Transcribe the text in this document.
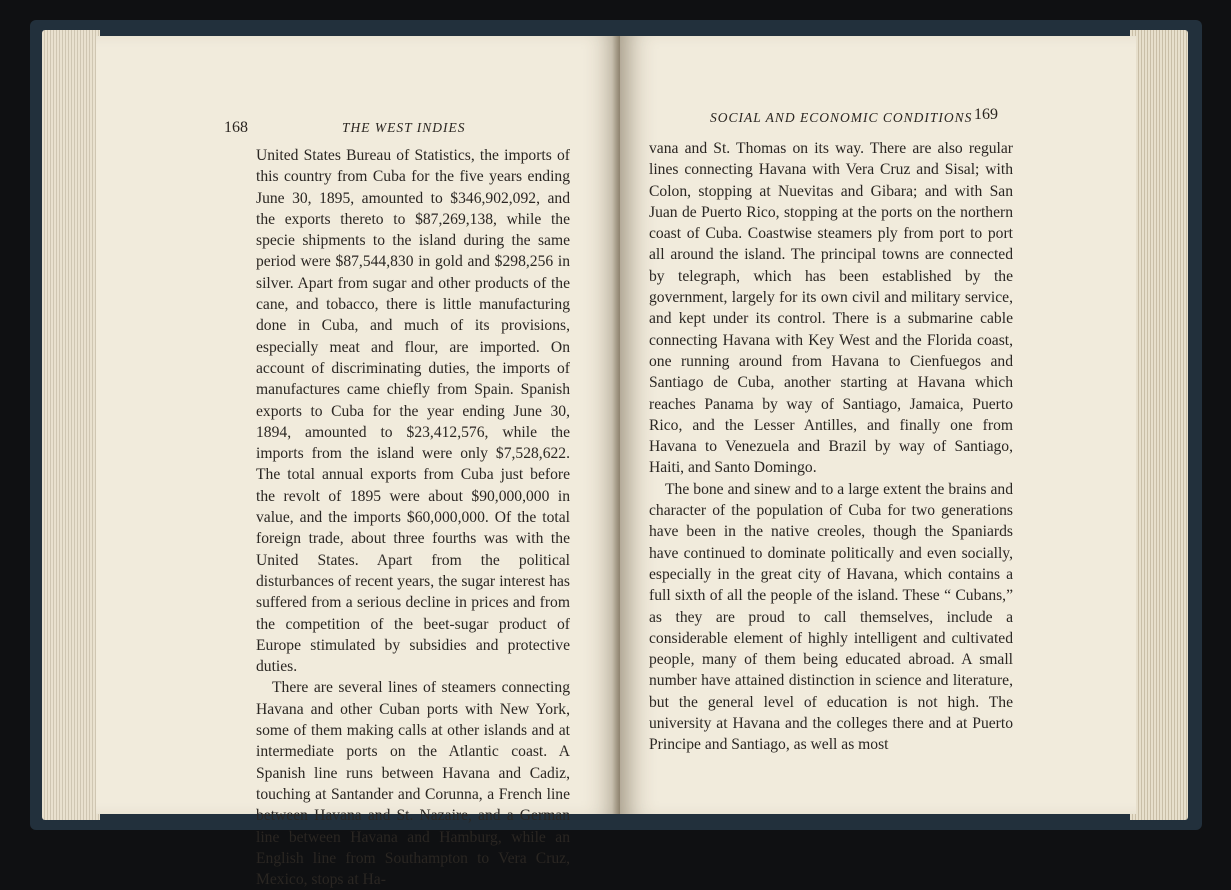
168	THE WEST INDIES

United States Bureau of Statistics, the imports of this country from Cuba for the five years ending June 30, 1895, amounted to $346,902,092, and the exports thereto to $87,269,138, while the specie shipments to the island during the same period were $87,544,830 in gold and $298,256 in silver. Apart from sugar and other products of the cane, and tobacco, there is little manufacturing done in Cuba, and much of its provisions, especially meat and flour, are imported. On account of discriminating duties, the imports of manufactures came chiefly from Spain. Spanish exports to Cuba for the year ending June 30, 1894, amounted to $23,412,576, while the imports from the island were only $7,528,622. The total annual exports from Cuba just before the revolt of 1895 were about $90,000,000 in value, and the imports $60,000,000. Of the total foreign trade, about three fourths was with the United States. Apart from the political disturbances of recent years, the sugar interest has suffered from a serious decline in prices and from the competition of the beet-sugar product of Europe stimulated by subsidies and protective duties.

There are several lines of steamers connecting Havana and other Cuban ports with New York, some of them making calls at other islands and at intermediate ports on the Atlantic coast. A Spanish line runs between Havana and Cadiz, touching at Santander and Corunna, a French line between Havana and St. Nazaire, and a German line between Havana and Hamburg, while an English line from Southampton to Vera Cruz, Mexico, stops at Ha-

SOCIAL AND ECONOMIC CONDITIONS 169

vana and St. Thomas on its way. There are also regular lines connecting Havana with Vera Cruz and Sisal; with Colon, stopping at Nuevitas and Gibara; and with San Juan de Puerto Rico, stopping at the ports on the northern coast of Cuba. Coastwise steamers ply from port to port all around the island. The principal towns are connected by telegraph, which has been established by the government, largely for its own civil and military service, and kept under its control. There is a submarine cable connecting Havana with Key West and the Florida coast, one running around from Havana to Cienfuegos and Santiago de Cuba, another starting at Havana which reaches Panama by way of Santiago, Jamaica, Puerto Rico, and the Lesser Antilles, and finally one from Havana to Venezuela and Brazil by way of Santiago, Haiti, and Santo Domingo.

The bone and sinew and to a large extent the brains and character of the population of Cuba for two generations have been in the native creoles, though the Spaniards have continued to dominate politically and even socially, especially in the great city of Havana, which contains a full sixth of all the people of the island. These “ Cubans,” as they are proud to call themselves, include a considerable element of highly intelligent and cultivated people, many of them being educated abroad. A small number have attained distinction in science and literature, but the general level of education is not high. The university at Havana and the colleges there and at Puerto Principe and Santiago, as well as most
